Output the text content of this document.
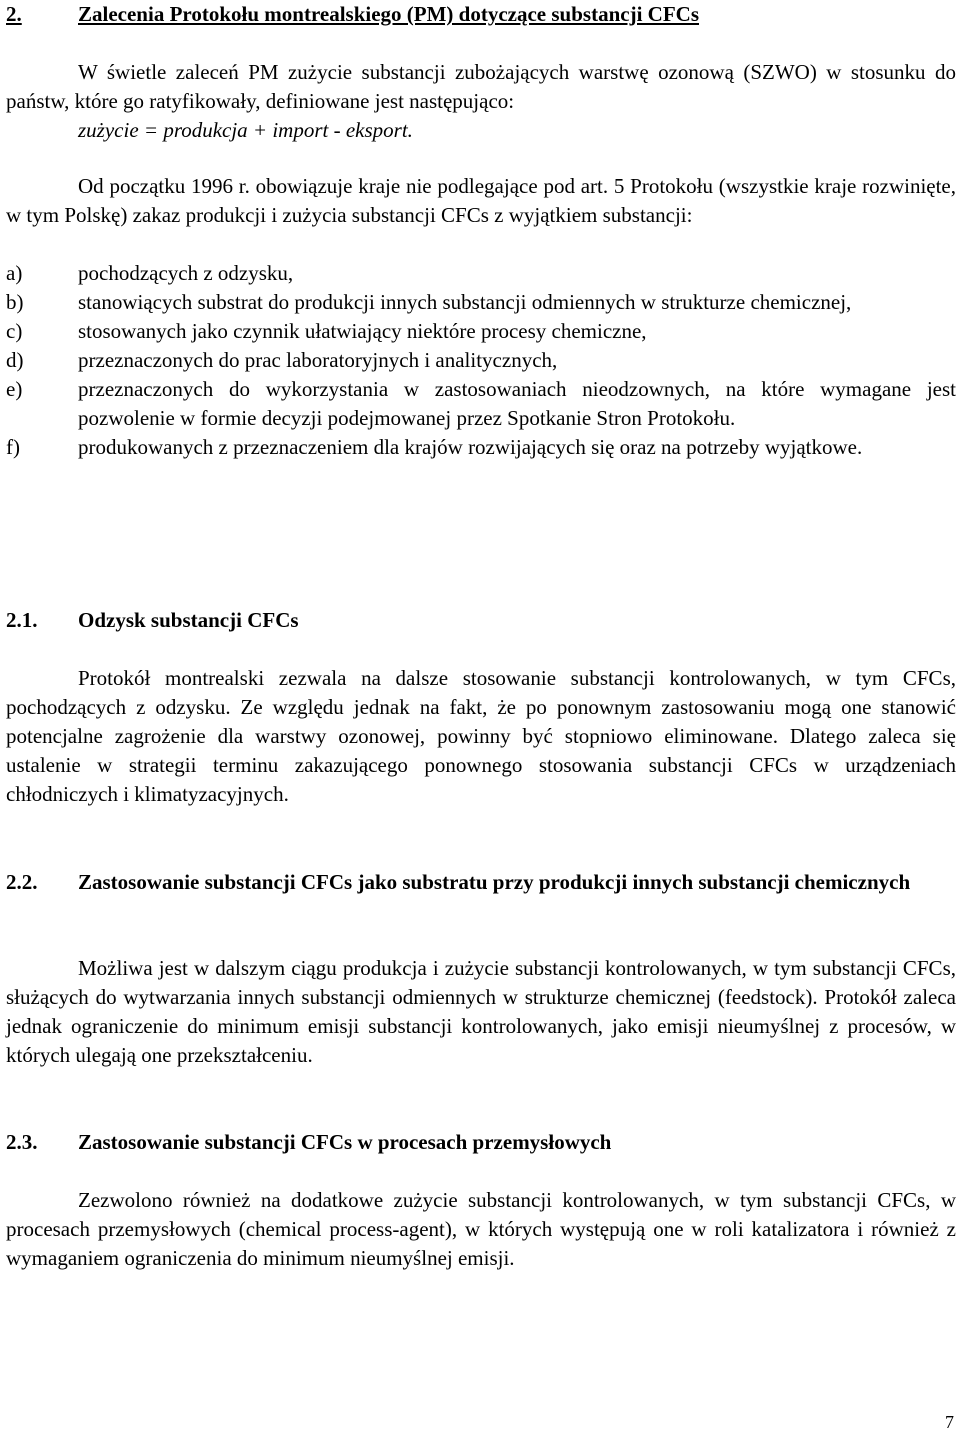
2.	Zalecenia Protokołu montrealskiego (PM) dotyczące substancji CFCs

W świetle zaleceń PM zużycie substancji zubożających warstwę ozonową (SZWO) w stosunku do państw, które go ratyfikowały, definiowane jest następująco:

zużycie = produkcja + import - eksport.

Od początku 1996 r. obowiązuje kraje nie podlegające pod art. 5 Protokołu (wszystkie kraje rozwinięte, w tym Polskę) zakaz produkcji i zużycia substancji CFCs z wyjątkiem substancji:

a)	pochodzących z odzysku,
b)	stanowiących substrat do produkcji innych substancji odmiennych w strukturze chemicznej,
c)	stosowanych jako czynnik ułatwiający niektóre procesy chemiczne,
d)	przeznaczonych do prac laboratoryjnych i analitycznych,
e)	przeznaczonych do wykorzystania w zastosowaniach nieodzownych, na które wymagane jest pozwolenie w formie decyzji podejmowanej przez Spotkanie Stron Protokołu.
f)	produkowanych z przeznaczeniem dla krajów rozwijających się oraz na potrzeby wyjątkowe.
2.1.	Odzysk substancji CFCs

Protokół montrealski zezwala na dalsze stosowanie substancji kontrolowanych, w tym CFCs, pochodzących z odzysku. Ze względu jednak na fakt, że po ponownym zastosowaniu mogą one stanowić potencjalne zagrożenie dla warstwy ozonowej, powinny być stopniowo eliminowane. Dlatego zaleca się ustalenie w strategii terminu zakazującego ponownego stosowania substancji CFCs w urządzeniach chłodniczych i klimatyzacyjnych.

2.2.	Zastosowanie substancji CFCs jako substratu przy produkcji innych substancji chemicznych

Możliwa jest w dalszym ciągu produkcja i zużycie substancji kontrolowanych, w tym substancji CFCs, służących do wytwarzania innych substancji odmiennych w strukturze chemicznej (feedstock). Protokół zaleca jednak ograniczenie do minimum emisji substancji kontrolowanych, jako emisji nieumyślnej z procesów, w których ulegają one przekształceniu.

2.3.	Zastosowanie substancji CFCs w procesach przemysłowych

Zezwolono również na dodatkowe zużycie substancji kontrolowanych, w tym substancji CFCs, w procesach przemysłowych (chemical process-agent), w których występują one w roli katalizatora i również z wymaganiem ograniczenia do minimum nieumyślnej emisji.

7
